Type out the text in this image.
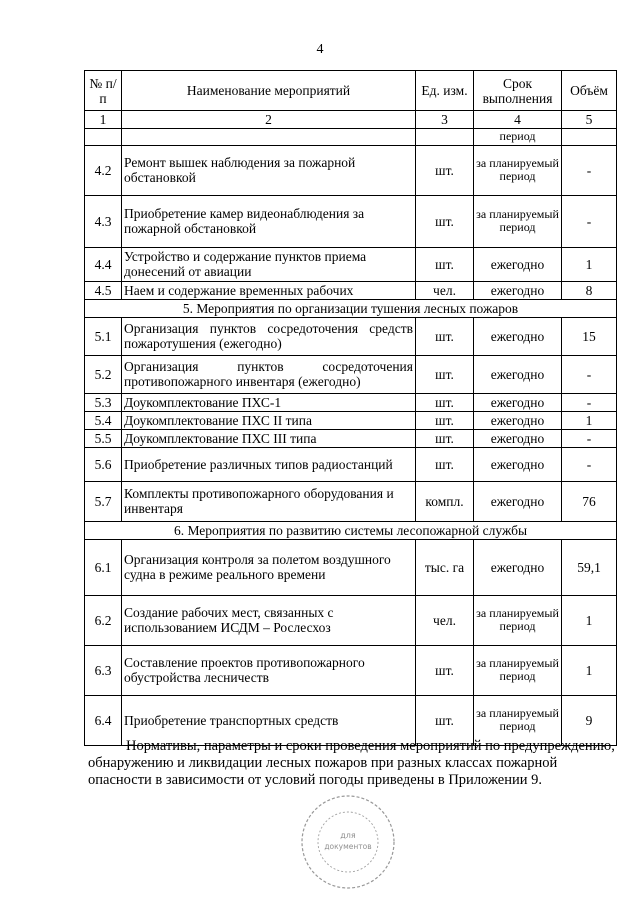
4
№ п/п	Наименование мероприятий	Ед. изм.	Срок выполнения	Объём
1	2	3	4	5
			период	
4.2	Ремонт вышек наблюдения за пожарной обстановкой	шт.	за планируемый период	-
4.3	Приобретение камер видеонаблюдения за пожарной обстановкой	шт.	за планируемый период	-
4.4	Устройство и содержание пунктов приема донесений от авиации	шт.	ежегодно	1
4.5	Наем и содержание временных рабочих	чел.	ежегодно	8
5. Мероприятия по организации тушения лесных пожаров				
5.1	Организация пунктов сосредоточения средств пожаротушения (ежегодно)	шт.	ежегодно	15
5.2	Организация пунктов сосредоточения противопожарного инвентаря (ежегодно)	шт.	ежегодно	-
5.3	Доукомплектование ПХС-1	шт.	ежегодно	-
5.4	Доукомплектование ПХС II типа	шт.	ежегодно	1
5.5	Доукомплектование ПХС III типа	шт.	ежегодно	-
5.6	Приобретение различных типов радиостанций	шт.	ежегодно	-
5.7	Комплекты противопожарного оборудования и инвентаря	компл.	ежегодно	76
6. Мероприятия по развитию системы лесопожарной службы				
6.1	Организация контроля за полетом воздушного судна в режиме реального времени	тыс. га	ежегодно	59,1
6.2	Создание рабочих мест, связанных с использованием ИСДМ – Рослесхоз	чел.	за планируемый период	1
6.3	Составление проектов противопожарного обустройства лесничеств	шт.	за планируемый период	1
6.4	Приобретение транспортных средств	шт.	за планируемый период	9

Нормативы, параметры и сроки проведения мероприятий по предупреждению, обнаружению и ликвидации лесных пожаров при разных классах пожарной опасности в зависимости от условий погоды приведены в Приложении 9.

для
документов
